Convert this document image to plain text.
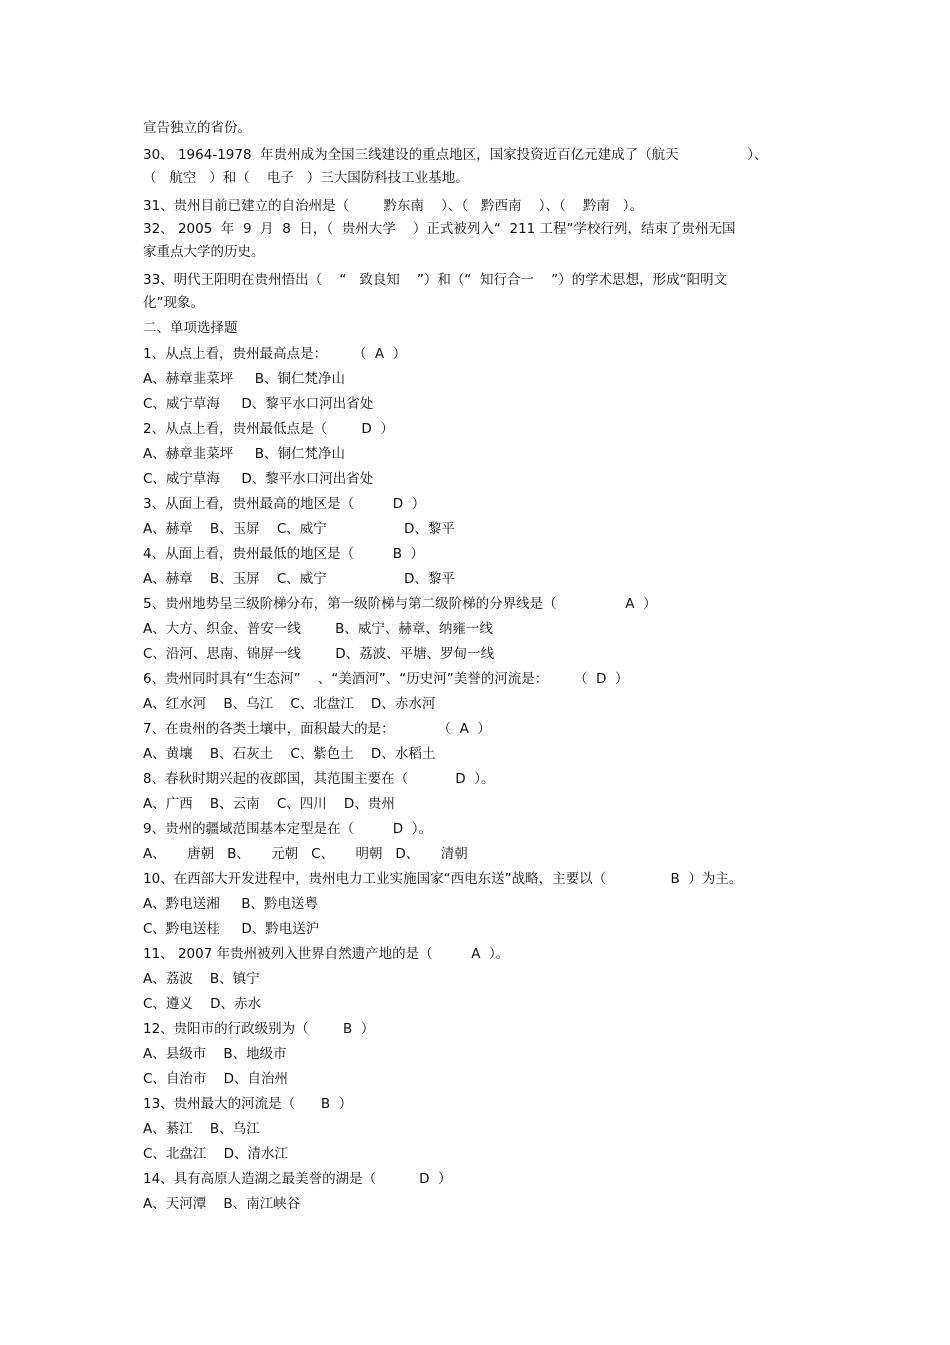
宣告独立的省份。
30、 1964-1978  年贵州成为全国三线建设的重点地区，国家投资近百亿元建成了（航天                ）、
（   航空   ）和（    电子   ）三大国防科技工业基地。
31、贵州目前已建立的自治州是（        黔东南    ）、（   黔西南    ）、（    黔南   ）。
32、 2005  年  9  月  8  日，（  贵州大学    ）正式被列入“  211 工程”学校行列，结束了贵州无国
家重点大学的历史。
33、明代王阳明在贵州悟出（    “   致良知    ”）和（“  知行合一    ”）的学术思想，形成“阳明文
化”现象。
二、单项选择题
1、从点上看，贵州最高点是：      （  A  ）
A、赫章韭菜坪     B、铜仁梵净山
C、威宁草海     D、黎平水口河出省处
2、从点上看，贵州最低点是（        D  ）
A、赫章韭菜坪     B、铜仁梵净山
C、威宁草海     D、黎平水口河出省处
3、从面上看，贵州最高的地区是（         D  ）
A、赫章    B、玉屏    C、威宁                  D、黎平
4、从面上看，贵州最低的地区是（         B  ）
A、赫章    B、玉屏    C、威宁                  D、黎平
5、贵州地势呈三级阶梯分布，第一级阶梯与第二级阶梯的分界线是（                A  ）
A、大方、织金、普安一线        B、威宁、赫章、纳雍一线
C、沿河、思南、锦屏一线        D、荔波、平塘、罗甸一线
6、贵州同时具有“生态河”    、“美酒河”、“历史河”美誉的河流是：      （  D  ）
A、红水河    B、乌江    C、北盘江    D、赤水河
7、在贵州的各类土壤中，面积最大的是：          （  A  ）
A、黄壤    B、石灰土    C、紫色土    D、水稻土
8、春秋时期兴起的夜郎国，其范围主要在（           D  ）。
A、广西    B、云南    C、四川    D、贵州
9、贵州的疆域范围基本定型是在（         D  ）。
A、     唐朝   B、     元朝   C、     明朝   D、     清朝
10、在西部大开发进程中，贵州电力工业实施国家“西电东送”战略，主要以（               B  ）为主。
A、黔电送湘     B、黔电送粤
C、黔电送桂     D、黔电送沪
11、 2007 年贵州被列入世界自然遗产地的是（         A  ）。
A、荔波    B、镇宁
C、遵义    D、赤水
12、贵阳市的行政级别为（        B  ）
A、县级市    B、地级市
C、自治市    D、自治州
13、贵州最大的河流是（      B  ）
A、綦江    B、乌江
C、北盘江    D、清水江
14、具有高原人造湖之最美誉的湖是（          D  ）
A、天河潭    B、南江峡谷
